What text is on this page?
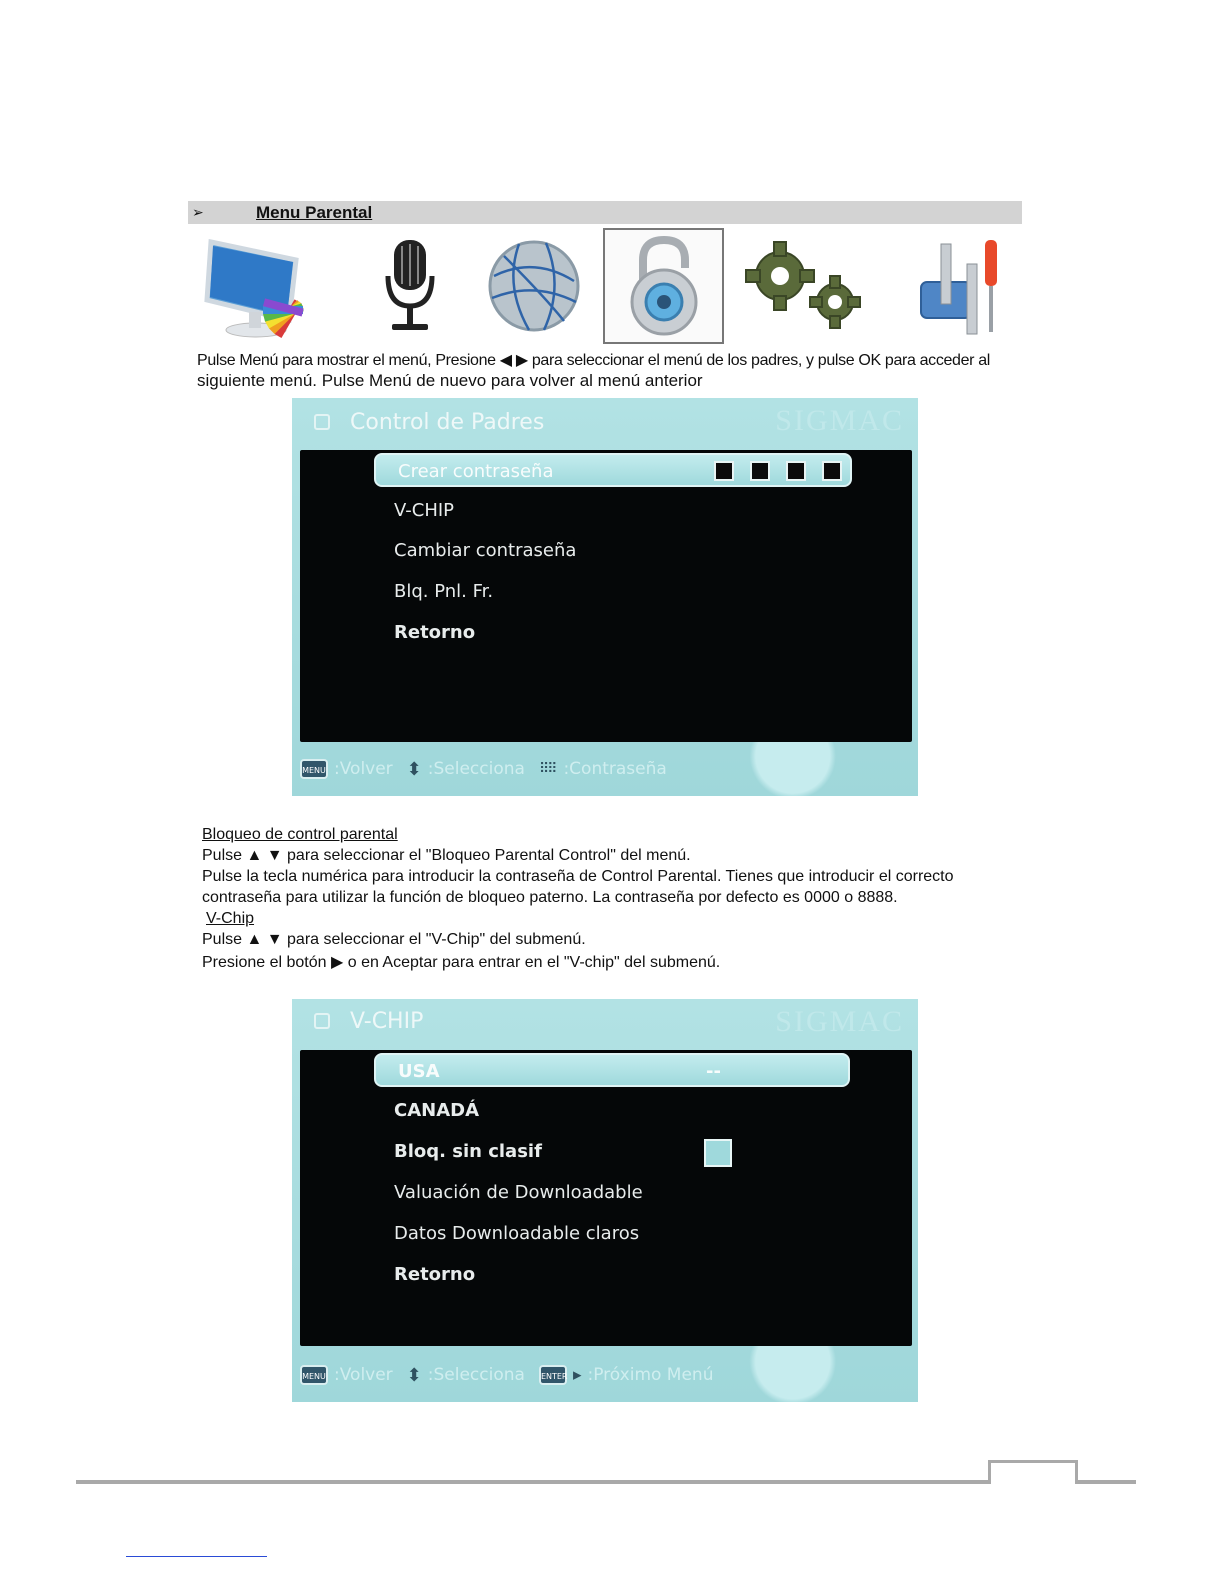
➢	Menu Parental
Pulse Menú para mostrar el menú, Presione ◀ ▶ para seleccionar el menú de los padres, y pulse OK para acceder al
siguiente menú. Pulse Menú de nuevo para volver al menú anterior
Control de Padres	SIGMAC
Crear contraseña
V-CHIP
Cambiar contraseña
Blq. Pnl. Fr.
Retorno
MENU :Volver ⬍ :Selecciona ⠿⠿ :Contraseña
Bloqueo de control parental
Pulse ▲ ▼ para seleccionar el "Bloqueo Parental Control" del menú.
Pulse la tecla numérica para introducir la contraseña de Control Parental. Tienes que introducir el correcto
contraseña para utilizar la función de bloqueo paterno. La contraseña por defecto es 0000 o 8888.
V-Chip
Pulse ▲ ▼ para seleccionar el "V-Chip" del submenú.
Presione el botón ▶ o en Aceptar para entrar en el "V-chip" del submenú.
V-CHIP	SIGMAC
USA	--
CANADÁ
Bloq. sin clasif
Valuación de Downloadable
Datos Downloadable claros
Retorno
MENU :Volver ⬍ :Selecciona ENTER ▸ :Próximo Menú
